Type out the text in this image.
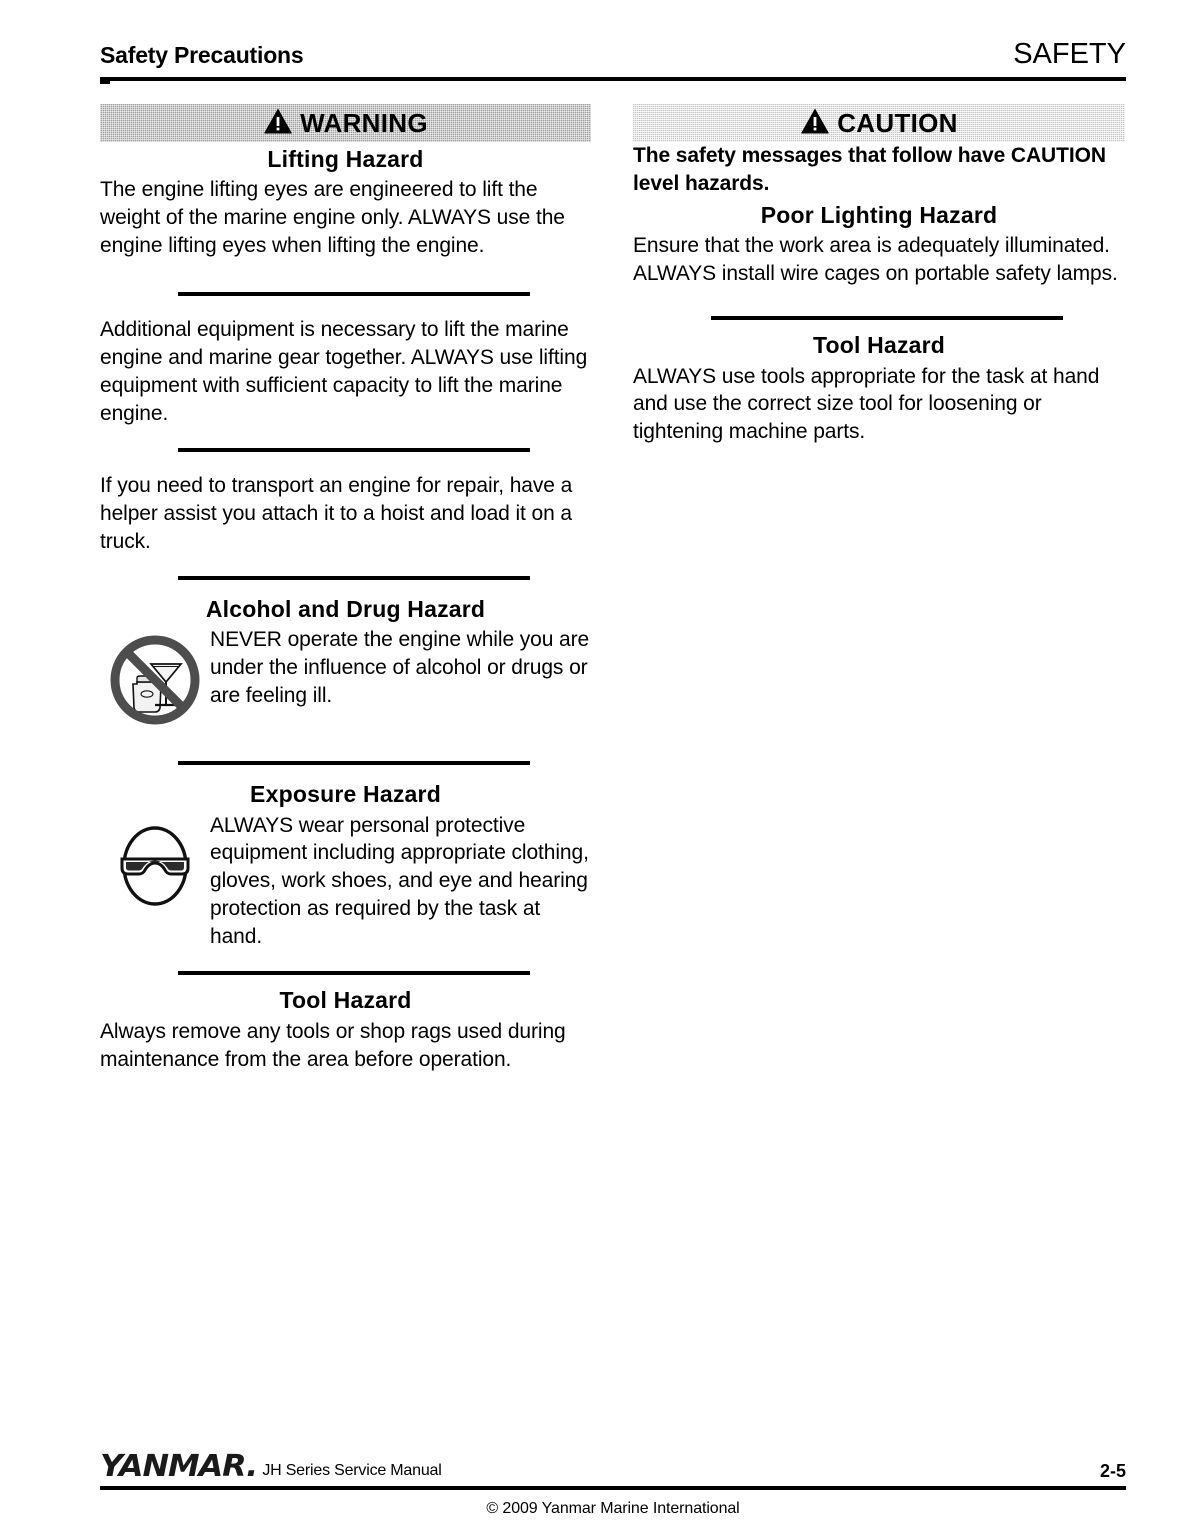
Safety Precautions	SAFETY
WARNING
Lifting Hazard

The engine lifting eyes are engineered to lift the weight of the marine engine only. ALWAYS use the engine lifting eyes when lifting the engine.

Additional equipment is necessary to lift the marine engine and marine gear together. ALWAYS use lifting equipment with sufficient capacity to lift the marine engine.

If you need to transport an engine for repair, have a helper assist you attach it to a hoist and load it on a truck.

Alcohol and Drug Hazard
NEVER operate the engine while you are under the influence of alcohol or drugs or are feeling ill.
Exposure Hazard
ALWAYS wear personal protective equipment including appropriate clothing, gloves, work shoes, and eye and hearing protection as required by the task at hand.
Tool Hazard

Always remove any tools or shop rags used during maintenance from the area before operation.

CAUTION

The safety messages that follow have CAUTION level hazards.

Poor Lighting Hazard

Ensure that the work area is adequately illuminated. ALWAYS install wire cages on portable safety lamps.

Tool Hazard

ALWAYS use tools appropriate for the task at hand and use the correct size tool for loosening or tightening machine parts.

YANMAR. JH Series Service Manual	2-5
© 2009 Yanmar Marine International
